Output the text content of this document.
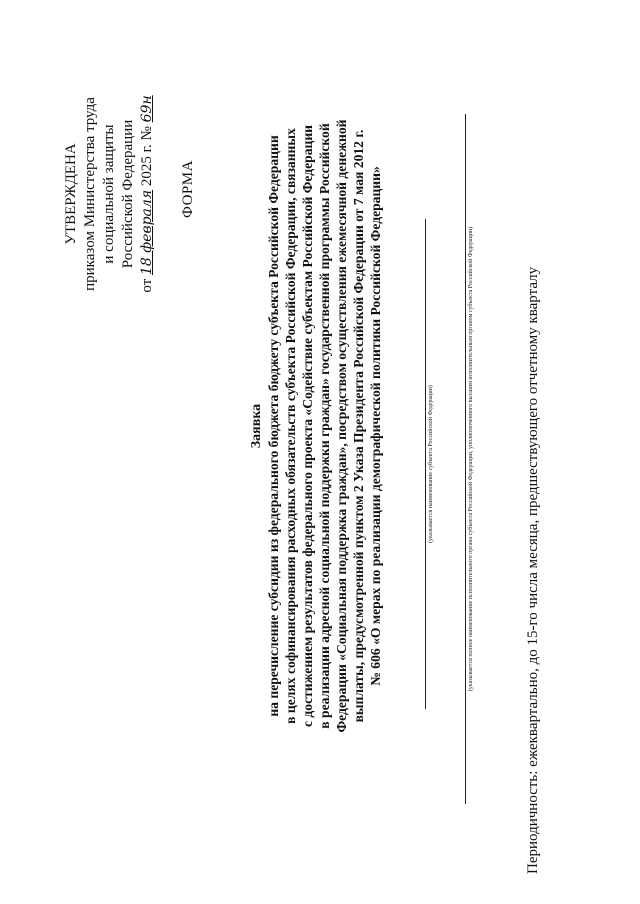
УТВЕРЖДЕНА приказом Министерства труда и социальной защиты Российской Федерации
от 18 февраля 2025 г. № 69н
ФОРМА
Заявка на перечисление субсидии из федерального бюджета бюджету субъекта Российской Федерации в целях софинансирования расходных обязательств субъекта Российской Федерации, связанных с достижением результатов федерального проекта «Содействие субъектам Российской Федерации в реализации адресной социальной поддержки граждан» государственной программы Российской Федерации «Социальная поддержка граждан», посредством осуществления ежемесячной денежной выплаты, предусмотренной пунктом 2 Указа Президента Российской Федерации от 7 мая 2012 г. № 606 «О мерах по реализации демографической политики Российской Федерации»	(указывается наименование субъекта Российской Федерации)	(указывается полное наименование исполнительного органа субъекта Российской Федерации, уполномоченного высшим исполнительным органом субъекта Российской Федерации)	Периодичность: ежеквартально, до 15-го числа месяца, предшествующего отчетному кварталу
